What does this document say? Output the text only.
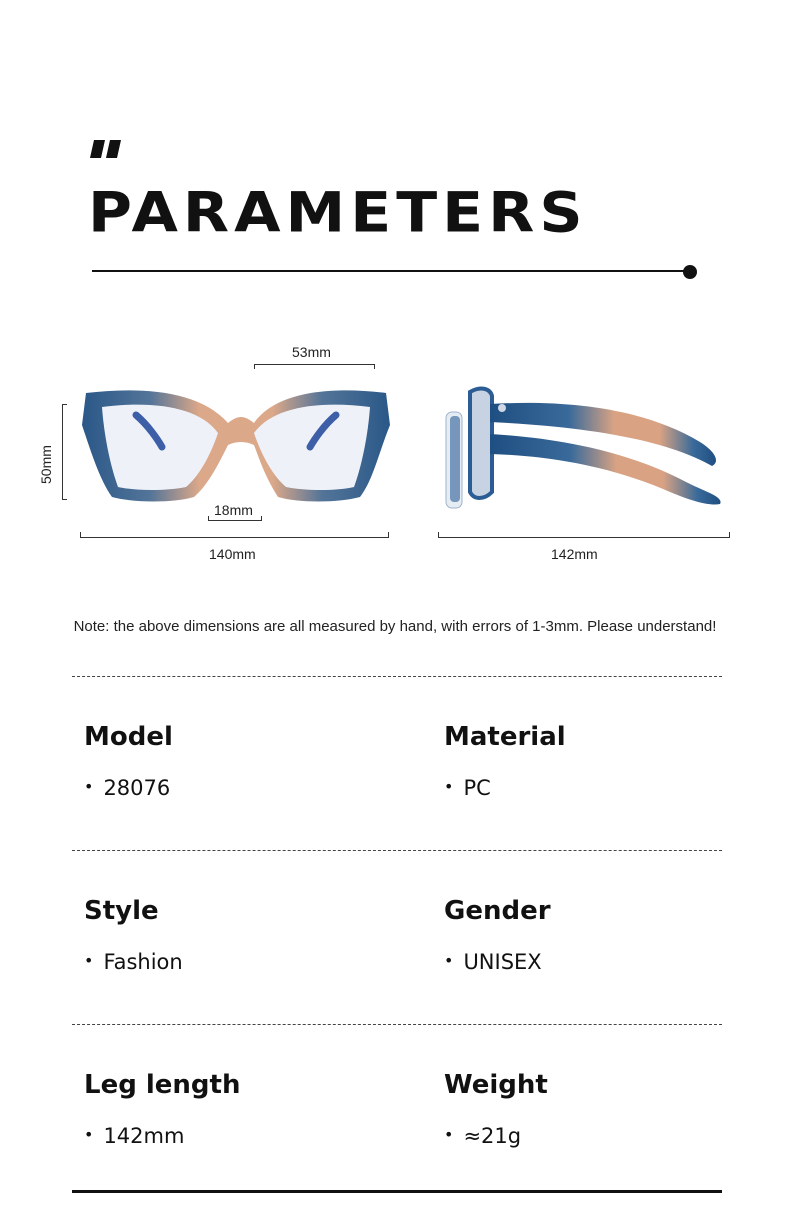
PARAMETERS
53mm
50mm
18mm
140mm	142mm
Note: the above dimensions are all measured by hand, with errors of 1-3mm. Please understand!
Model
• 28076
Material
• PC
Style
• Fashion
Gender
• UNISEX
Leg length
• 142mm
Weight
• ≈21g
